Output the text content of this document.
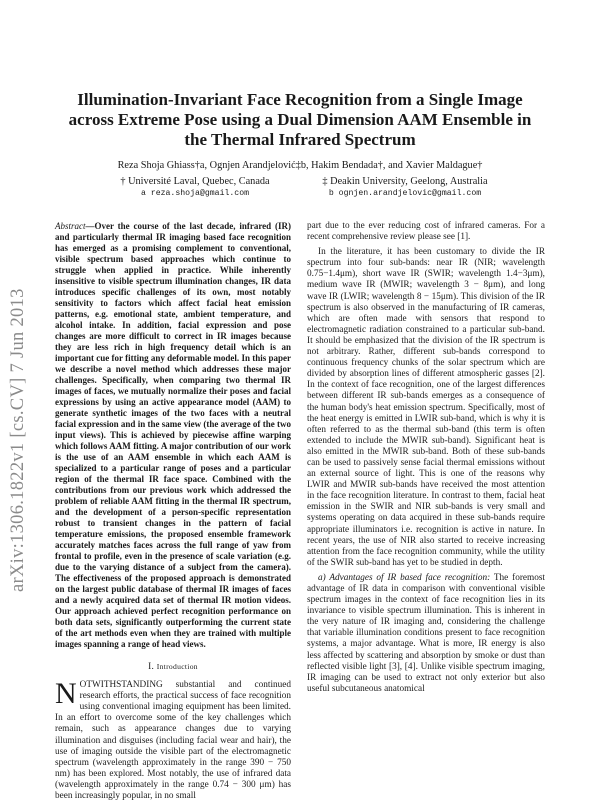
arXiv:1306.1822v1 [cs.CV] 7 Jun 2013
Illumination-Invariant Face Recognition from a Single Image across Extreme Pose using a Dual Dimension AAM Ensemble in the Thermal Infrared Spectrum
Reza Shoja Ghiass†a, Ognjen Arandjelović‡b, Hakim Bendada†, and Xavier Maldague†
† Université Laval, Quebec, Canada
a reza.shoja@gmail.com
‡ Deakin University, Geelong, Australia
b ognjen.arandjelovic@gmail.com

Abstract—Over the course of the last decade, infrared (IR) and particularly thermal IR imaging based face recognition has emerged as a promising complement to conventional, visible spectrum based approaches which continue to struggle when applied in practice. While inherently insensitive to visible spectrum illumination changes, IR data introduces specific challenges of its own, most notably sensitivity to factors which affect facial heat emission patterns, e.g. emotional state, ambient temperature, and alcohol intake. In addition, facial expression and pose changes are more difficult to correct in IR images because they are less rich in high frequency detail which is an important cue for fitting any deformable model. In this paper we describe a novel method which addresses these major challenges. Specifically, when comparing two thermal IR images of faces, we mutually normalize their poses and facial expressions by using an active appearance model (AAM) to generate synthetic images of the two faces with a neutral facial expression and in the same view (the average of the two input views). This is achieved by piecewise affine warping which follows AAM fitting. A major contribution of our work is the use of an AAM ensemble in which each AAM is specialized to a particular range of poses and a particular region of the thermal IR face space. Combined with the contributions from our previous work which addressed the problem of reliable AAM fitting in the thermal IR spectrum, and the development of a person-specific representation robust to transient changes in the pattern of facial temperature emissions, the proposed ensemble framework accurately matches faces across the full range of yaw from frontal to profile, even in the presence of scale variation (e.g. due to the varying distance of a subject from the camera). The effectiveness of the proposed approach is demonstrated on the largest public database of thermal IR images of faces and a newly acquired data set of thermal IR motion videos. Our approach achieved perfect recognition performance on both data sets, significantly outperforming the current state of the art methods even when they are trained with multiple images spanning a range of head views.

I. Introduction

NOTWITHSTANDING substantial and continued research efforts, the practical success of face recognition using conventional imaging equipment has been limited. In an effort to overcome some of the key challenges which remain, such as appearance changes due to varying illumination and disguises (including facial wear and hair), the use of imaging outside the visible part of the electromagnetic spectrum (wavelength approximately in the range 390 − 750 nm) has been explored. Most notably, the use of infrared data (wavelength approximately in the range 0.74 − 300 μm) has been increasingly popular, in no small

part due to the ever reducing cost of infrared cameras. For a recent comprehensive review please see [1].

In the literature, it has been customary to divide the IR spectrum into four sub-bands: near IR (NIR; wavelength 0.75−1.4μm), short wave IR (SWIR; wavelength 1.4−3μm), medium wave IR (MWIR; wavelength 3 − 8μm), and long wave IR (LWIR; wavelength 8 − 15μm). This division of the IR spectrum is also observed in the manufacturing of IR cameras, which are often made with sensors that respond to electromagnetic radiation constrained to a particular sub-band. It should be emphasized that the division of the IR spectrum is not arbitrary. Rather, different sub-bands correspond to continuous frequency chunks of the solar spectrum which are divided by absorption lines of different atmospheric gasses [2]. In the context of face recognition, one of the largest differences between different IR sub-bands emerges as a consequence of the human body's heat emission spectrum. Specifically, most of the heat energy is emitted in LWIR sub-band, which is why it is often referred to as the thermal sub-band (this term is often extended to include the MWIR sub-band). Significant heat is also emitted in the MWIR sub-band. Both of these sub-bands can be used to passively sense facial thermal emissions without an external source of light. This is one of the reasons why LWIR and MWIR sub-bands have received the most attention in the face recognition literature. In contrast to them, facial heat emission in the SWIR and NIR sub-bands is very small and systems operating on data acquired in these sub-bands require appropriate illuminators i.e. recognition is active in nature. In recent years, the use of NIR also started to receive increasing attention from the face recognition community, while the utility of the SWIR sub-band has yet to be studied in depth.

a) Advantages of IR based face recognition: The foremost advantage of IR data in comparison with conventional visible spectrum images in the context of face recognition lies in its invariance to visible spectrum illumination. This is inherent in the very nature of IR imaging and, considering the challenge that variable illumination conditions present to face recognition systems, a major advantage. What is more, IR energy is also less affected by scattering and absorption by smoke or dust than reflected visible light [3], [4]. Unlike visible spectrum imaging, IR imaging can be used to extract not only exterior but also useful subcutaneous anatomical
